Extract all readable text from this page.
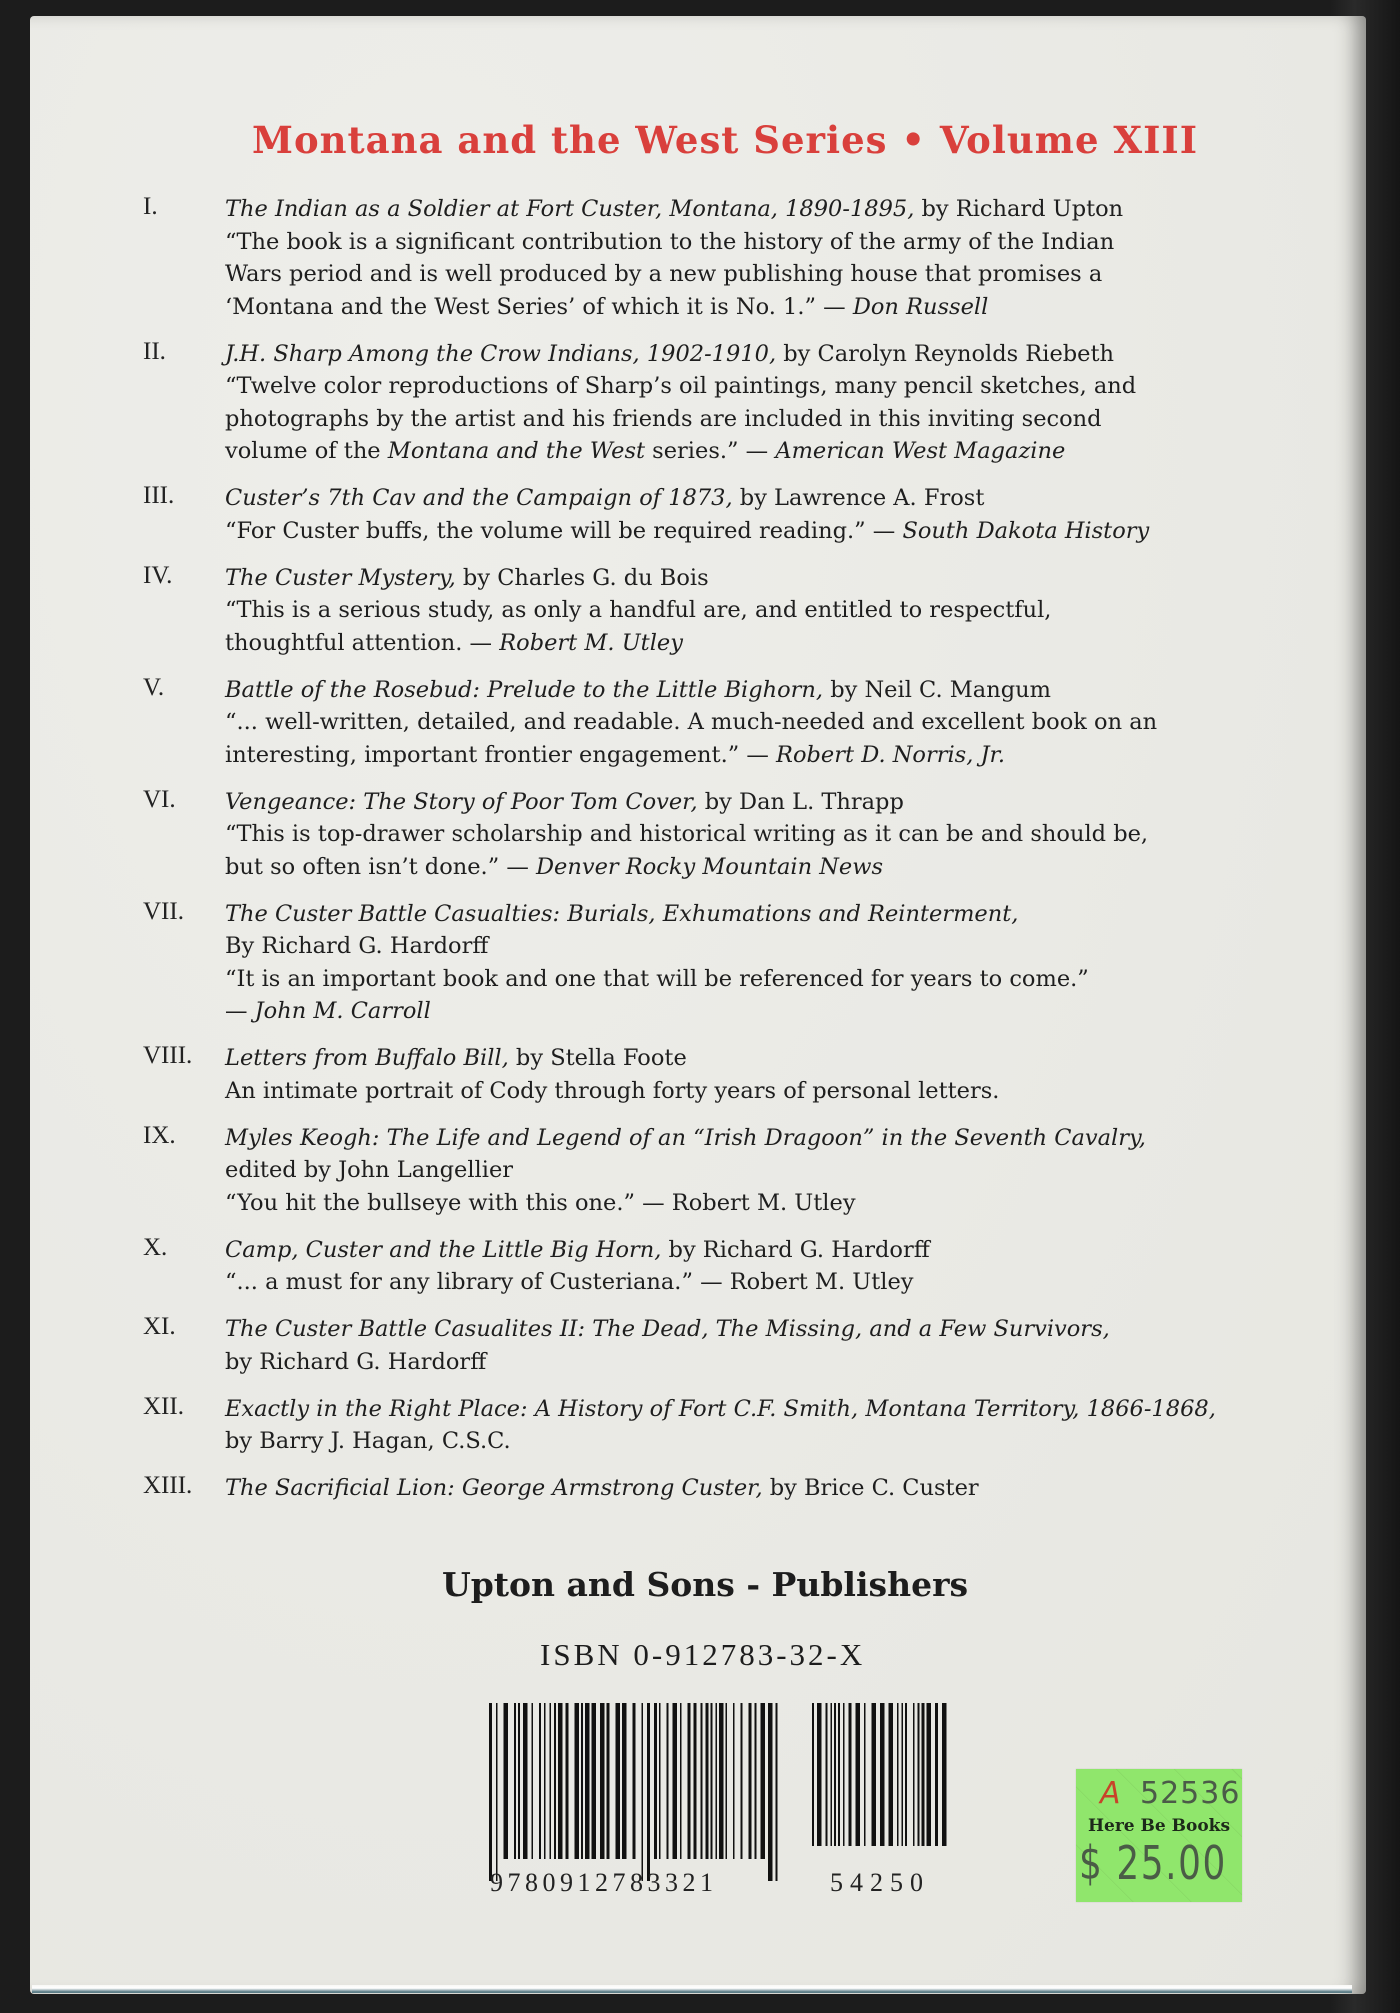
Montana and the West Series • Volume XIII
I.	The Indian as a Soldier at Fort Custer, Montana, 1890-1895, by Richard Upton
“The book is a significant contribution to the history of the army of the Indian
Wars period and is well produced by a new publishing house that promises a
‘Montana and the West Series’ of which it is No. 1.” — Don Russell
II.	J.H. Sharp Among the Crow Indians, 1902-1910, by Carolyn Reynolds Riebeth
“Twelve color reproductions of Sharp’s oil paintings, many pencil sketches, and
photographs by the artist and his friends are included in this inviting second
volume of the Montana and the West series.” — American West Magazine
III. Custer’s 7th Cav and the Campaign of 1873, by Lawrence A. Frost
“For Custer buffs, the volume will be required reading.” — South Dakota History
IV. The Custer Mystery, by Charles G. du Bois
“This is a serious study, as only a handful are, and entitled to respectful,
thoughtful attention. — Robert M. Utley
V.	Battle of the Rosebud: Prelude to the Little Bighorn, by Neil C. Mangum
“... well-written, detailed, and readable. A much-needed and excellent book on an
interesting, important frontier engagement.” — Robert D. Norris, Jr.
VI. Vengeance: The Story of Poor Tom Cover, by Dan L. Thrapp
“This is top-drawer scholarship and historical writing as it can be and should be,
but so often isn’t done.” — Denver Rocky Mountain News
VII. The Custer Battle Casualties: Burials, Exhumations and Reinterment,
By Richard G. Hardorff
“It is an important book and one that will be referenced for years to come.”
— John M. Carroll
VIII. Letters from Buffalo Bill, by Stella Foote
An intimate portrait of Cody through forty years of personal letters.
IX. Myles Keogh: The Life and Legend of an “Irish Dragoon” in the Seventh Cavalry,
edited by John Langellier
“You hit the bullseye with this one.” — Robert M. Utley
X.	Camp, Custer and the Little Big Horn, by Richard G. Hardorff
“... a must for any library of Custeriana.” — Robert M. Utley
XI. The Custer Battle Casualites II: The Dead, The Missing, and a Few Survivors,
by Richard G. Hardorff
XII. Exactly in the Right Place: A History of Fort C.F. Smith, Montana Territory, 1866-1868,
by Barry J. Hagan, C.S.C.
XIII. The Sacrificial Lion: George Armstrong Custer, by Brice C. Custer
Upton and Sons - Publishers
ISBN 0-912783-32-X
9780912783321	54250
A 52536
Here Be Books
$ 25.00
